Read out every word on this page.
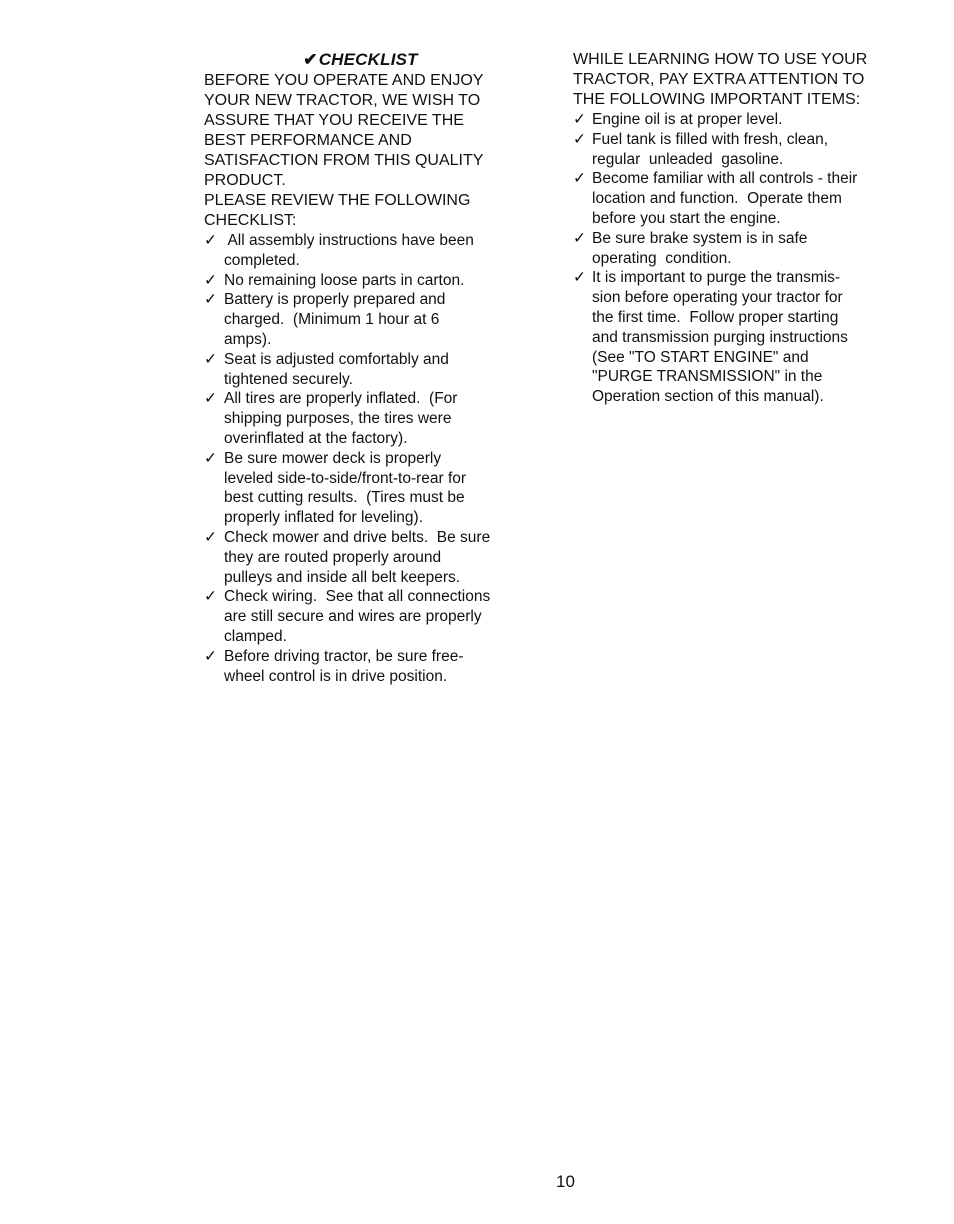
✔CHECKLIST

BEFORE YOU OPERATE AND ENJOY

YOUR NEW TRACTOR, WE WISH TO

ASSURE THAT YOU RECEIVE THE

BEST PERFORMANCE AND

SATISFACTION FROM THIS QUALITY

PRODUCT.

PLEASE REVIEW THE FOLLOWING

CHECKLIST:

✓ All assembly instructions have been
completed.
✓ No remaining loose parts in carton.
✓ Battery is properly prepared and
charged.  (Minimum 1 hour at 6
amps).
✓ Seat is adjusted comfortably and
tightened securely.
✓ All tires are properly inflated.  (For
shipping purposes, the tires were
overinflated at the factory).
✓ Be sure mower deck is properly
leveled side-to-side/front-to-rear for
best cutting results.  (Tires must be
properly inflated for leveling).
✓ Check mower and drive belts.  Be sure
they are routed properly around
pulleys and inside all belt keepers.
✓ Check wiring.  See that all connections
are still secure and wires are properly
clamped.
✓ Before driving tractor, be sure free-
wheel control is in drive position.

WHILE LEARNING HOW TO USE YOUR

TRACTOR, PAY EXTRA ATTENTION TO

THE FOLLOWING IMPORTANT ITEMS:

✓ Engine oil is at proper level.
✓ Fuel tank is filled with fresh, clean,
regular  unleaded  gasoline.
✓ Become familiar with all controls - their
location and function.  Operate them
before you start the engine.
✓ Be sure brake system is in safe
operating  condition.
✓ It is important to purge the transmis-
sion before operating your tractor for
the first time.  Follow proper starting
and transmission purging instructions
(See "TO START ENGINE" and
"PURGE TRANSMISSION" in the
Operation section of this manual).
10
